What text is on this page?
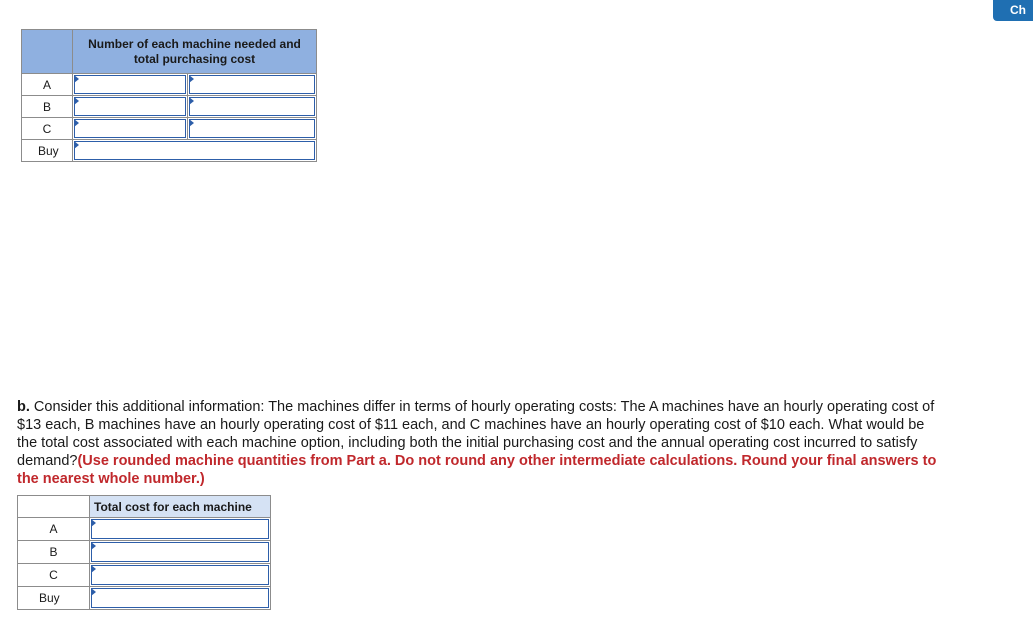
Ch
	Number of each machine needed and total purchasing cost	
A	

B	

C	

Buy		
b. Consider this additional information: The machines differ in terms of hourly operating costs: The A machines have an hourly operating cost of $13 each, B machines have an hourly operating cost of $11 each, and C machines have an hourly operating cost of $10 each. What would be the total cost associated with each machine option, including both the initial purchasing cost and the annual operating cost incurred to satisfy demand?(Use rounded machine quantities from Part a. Do not round any other intermediate calculations. Round your final answers to the nearest whole number.)
	Total cost for each machine
A	

B	

C	

Buy	
